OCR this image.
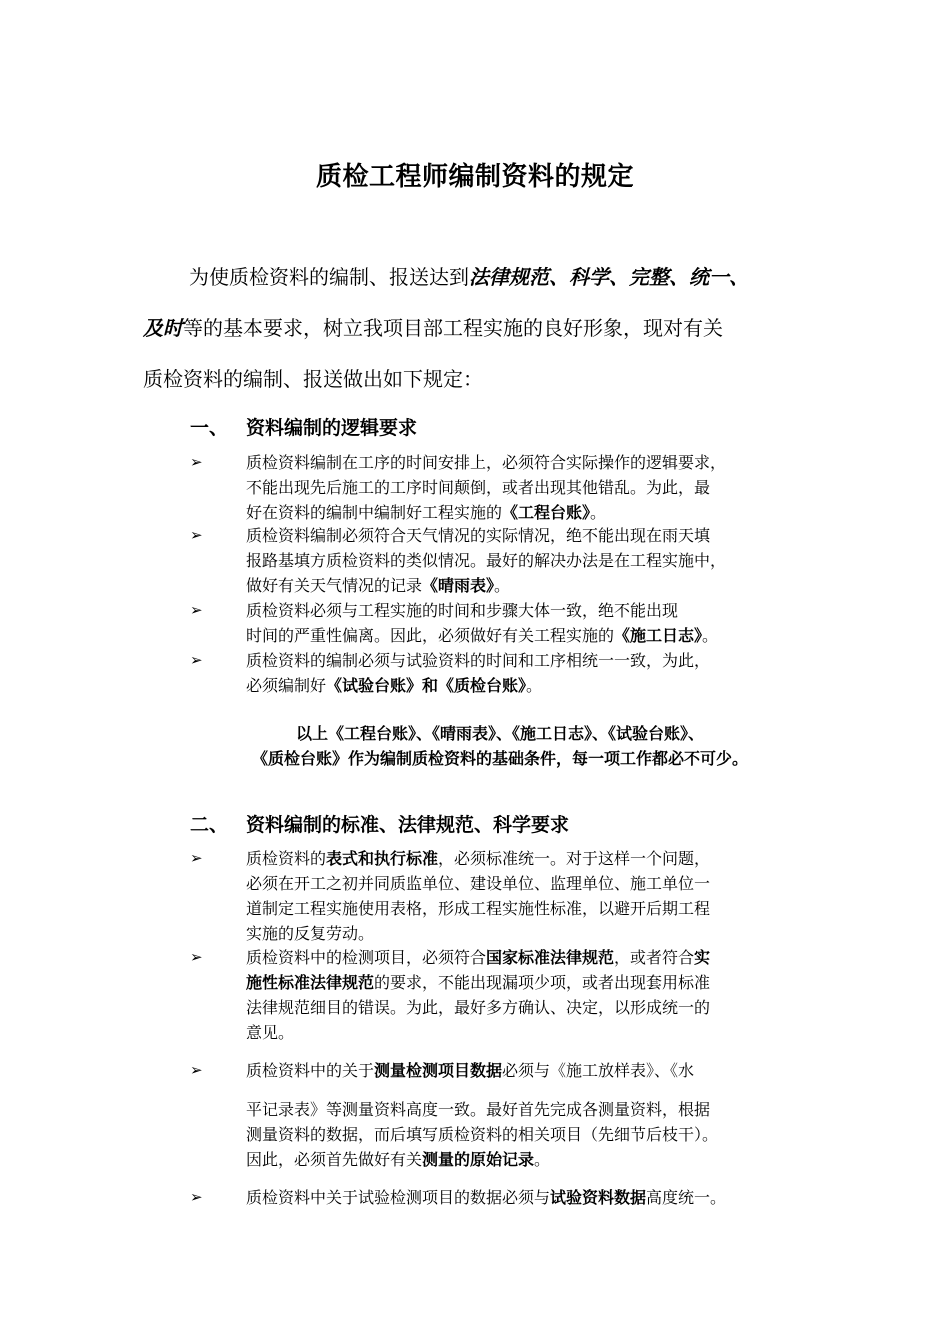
质检工程师编制资料的规定
为使质检资料的编制、报送达到法律规范、科学、完整、统一、
及时等的基本要求，树立我项目部工程实施的良好形象，现对有关
质检资料的编制、报送做出如下规定：
一、 资料编制的逻辑要求
➢	质检资料编制在工序的时间安排上，必须符合实际操作的逻辑要求，
不能出现先后施工的工序时间颠倒，或者出现其他错乱。为此，最
好在资料的编制中编制好工程实施的《工程台账》。
➢	质检资料编制必须符合天气情况的实际情况，绝不能出现在雨天填
报路基填方质检资料的类似情况。最好的解决办法是在工程实施中，
做好有关天气情况的记录《晴雨表》。
➢	质检资料必须与工程实施的时间和步骤大体一致，绝不能出现
时间的严重性偏离。因此，必须做好有关工程实施的《施工日志》。
➢	质检资料的编制必须与试验资料的时间和工序相统一一致，为此，
必须编制好《试验台账》和《质检台账》。
以上《工程台账》、《晴雨表》、《施工日志》、《试验台账》、
《质检台账》作为编制质检资料的基础条件，每一项工作都必不可少。
二、 资料编制的标准、法律规范、科学要求
➢	质检资料的表式和执行标准，必须标准统一。对于这样一个问题，
必须在开工之初并同质监单位、建设单位、监理单位、施工单位一
道制定工程实施使用表格，形成工程实施性标准，以避开后期工程
实施的反复劳动。
➢	质检资料中的检测项目，必须符合国家标准法律规范，或者符合实
施性标准法律规范的要求，不能出现漏项少项，或者出现套用标准
法律规范细目的错误。为此，最好多方确认、决定，以形成统一的
意见。
➢	质检资料中的关于测量检测项目数据必须与《施工放样表》、《水
平记录表》等测量资料高度一致。最好首先完成各测量资料，根据
测量资料的数据，而后填写质检资料的相关项目（先细节后枝干）。
因此，必须首先做好有关测量的原始记录。
➢	质检资料中关于试验检测项目的数据必须与试验资料数据高度统一。
